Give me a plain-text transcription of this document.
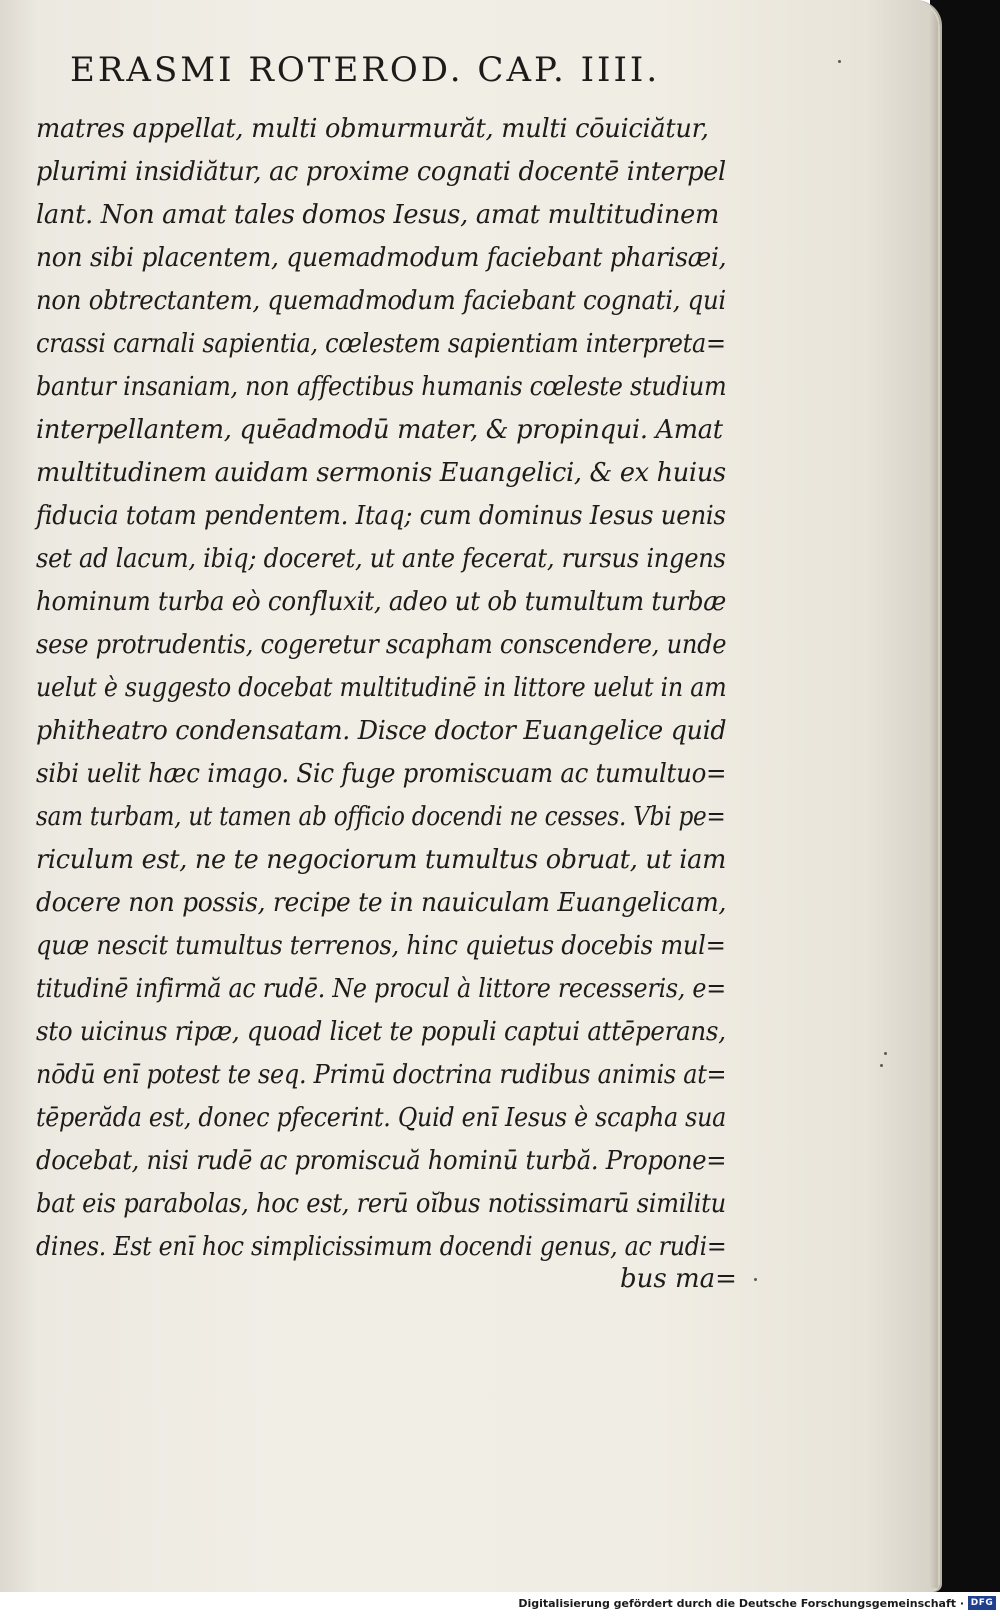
ERASMI ROTEROD. CAP. IIII.
matres appellat, multi obmurmurăt, multi cōuiciătur,
plurimi insidiătur, ac proxime cognati docentē interpel
lant. Non amat tales domos Iesus, amat multitudinem
non sibi placentem, quemadmodum faciebant pharisæi,
non obtrectantem, quemadmodum faciebant cognati, qui
crassi carnali sapientia, cœlestem sapientiam interpreta=
bantur insaniam, non affectibus humanis cœleste studium
interpellantem, quēadmodū mater, & propinqui. Amat
multitudinem auidam sermonis Euangelici, & ex huius
fiducia totam pendentem. Itaq; cum dominus Iesus uenis
set ad lacum, ibiq; doceret, ut ante fecerat, rursus ingens
hominum turba eò confluxit, adeo ut ob tumultum turbæ
sese protrudentis, cogeretur scapham conscendere, unde
uelut è suggesto docebat multitudinē in littore uelut in am
phitheatro condensatam. Disce doctor Euangelice quid
sibi uelit hæc imago. Sic fuge promiscuam ac tumultuo=
sam turbam, ut tamen ab officio docendi ne cesses. Vbi pe=
riculum est, ne te negociorum tumultus obruat, ut iam
docere non possis, recipe te in nauiculam Euangelicam,
quæ nescit tumultus terrenos, hinc quietus docebis mul=
titudinē infirmă ac rudē. Ne procul à littore recesseris, e=
sto uicinus ripæ, quoad licet te populi captui attēperans,
nōdū enī potest te seq. Primū doctrina rudibus animis at=
tēperăda est, donec pfecerint. Quid enī Iesus è scapha sua
docebat, nisi rudē ac promiscuă hominū turbă. Propone=
bat eis parabolas, hoc est, rerū oĭbus notissimarū similitu
dines. Est enī hoc simplicissimum docendi genus, ac rudi=
bus ma=
Digitalisierung gefördert durch die Deutsche Forschungsgemeinschaft · DFG
